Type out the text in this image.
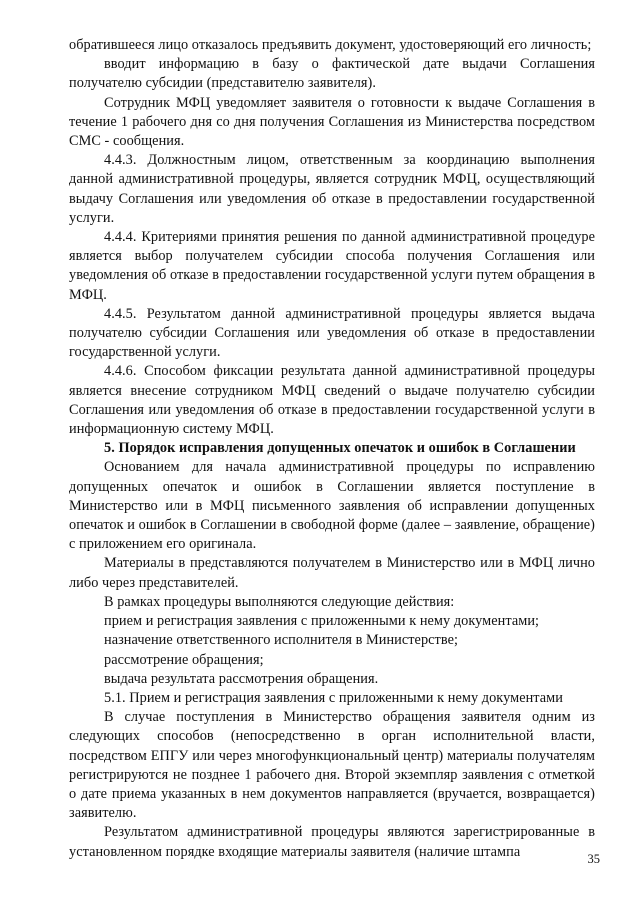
обратившееся лицо отказалось предъявить документ, удостоверяющий его личность;

вводит информацию в базу о фактической дате выдачи Соглашения получателю субсидии (представителю заявителя).

Сотрудник МФЦ уведомляет заявителя о готовности к выдаче Соглашения в течение 1 рабочего дня со дня получения Соглашения из Министерства посредством СМС - сообщения.

4.4.3. Должностным лицом, ответственным за координацию выполнения данной административной процедуры, является сотрудник МФЦ, осуществляющий выдачу Соглашения или уведомления об отказе в предоставлении государственной услуги.

4.4.4. Критериями принятия решения по данной административной процедуре является выбор получателем субсидии способа получения Соглашения или уведомления об отказе в предоставлении государственной услуги путем обращения в МФЦ.

4.4.5. Результатом данной административной процедуры является выдача получателю субсидии Соглашения или уведомления об отказе в предоставлении государственной услуги.

4.4.6. Способом фиксации результата данной административной процедуры является внесение сотрудником МФЦ сведений о выдаче получателю субсидии Соглашения или уведомления об отказе в предоставлении государственной услуги в информационную систему МФЦ.

5. Порядок исправления допущенных опечаток и ошибок в Соглашении

Основанием для начала административной процедуры по исправлению допущенных опечаток и ошибок в Соглашении является поступление в Министерство или в МФЦ письменного заявления об исправлении допущенных опечаток и ошибок в Соглашении в свободной форме (далее – заявление, обращение) с приложением его оригинала.

Материалы в представляются получателем в Министерство или в МФЦ лично либо через представителей.

В рамках процедуры выполняются следующие действия:

прием и регистрация заявления с приложенными к нему документами;

назначение ответственного исполнителя в Министерстве;

рассмотрение обращения;

выдача результата рассмотрения обращения.

5.1. Прием и регистрация заявления с приложенными к нему документами

В случае поступления в Министерство обращения заявителя одним из следующих способов (непосредственно в орган исполнительной власти, посредством ЕПГУ или через многофункциональный центр) материалы получателям регистрируются не позднее 1 рабочего дня. Второй экземпляр заявления с отметкой о дате приема указанных в нем документов направляется (вручается, возвращается) заявителю.

Результатом административной процедуры являются зарегистрированные в установленном порядке входящие материалы заявителя (наличие штампа	35
